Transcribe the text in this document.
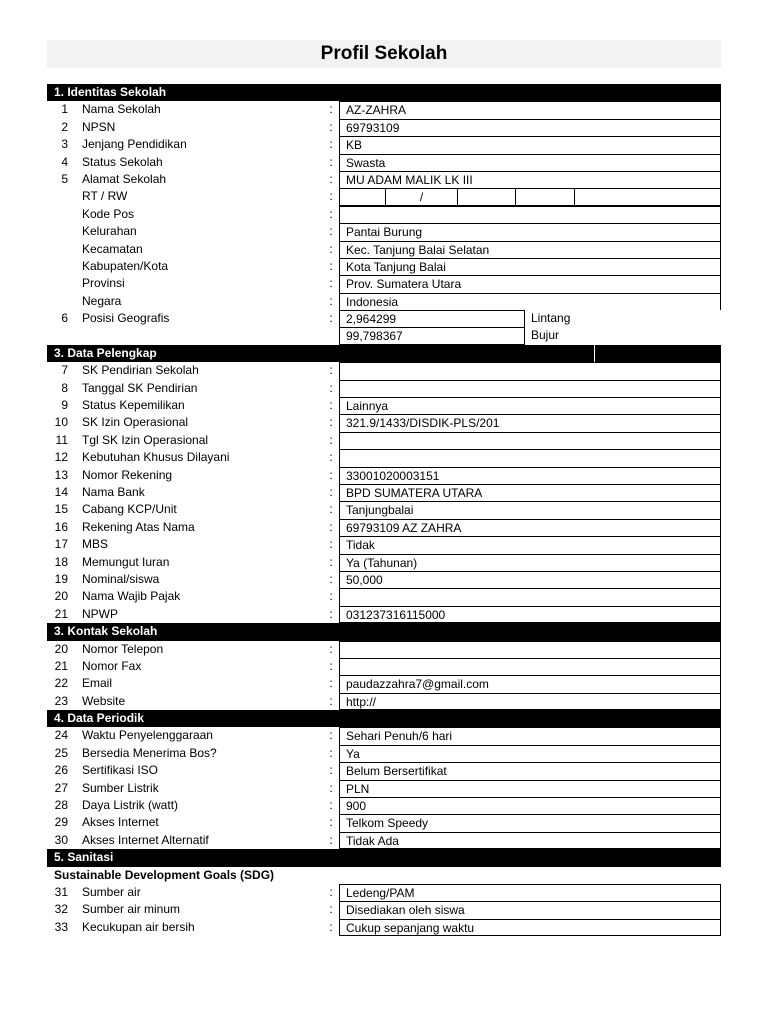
Profil Sekolah
1. Identitas Sekolah
1 Nama Sekolah	:	AZ-ZAHRA
2 NPSN	:	69793109
3 Jenjang Pendidikan	:	KB
4 Status Sekolah	:	Swasta
5 Alamat Sekolah	:	MU ADAM MALIK LK III
RT / RW	:	/
Kode Pos	:
Kelurahan	:	Pantai Burung
Kecamatan	:	Kec. Tanjung Balai Selatan
Kabupaten/Kota	:	Kota Tanjung Balai
Provinsi	:	Prov. Sumatera Utara
Negara	:	Indonesia
6 Posisi Geografis	:	2,964299	Lintang
99,798367	Bujur
3. Data Pelengkap
7 SK Pendirian Sekolah	:
8 Tanggal SK Pendirian	:
9 Status Kepemilikan	:	Lainnya
10 SK Izin Operasional	:	321.9/1433/DISDIK-PLS/201
11 Tgl SK Izin Operasional	:
12 Kebutuhan Khusus Dilayani	:
13 Nomor Rekening	:	33001020003151
14 Nama Bank	:	BPD SUMATERA UTARA
15 Cabang KCP/Unit	:	Tanjungbalai
16 Rekening Atas Nama	:	69793109 AZ ZAHRA
17 MBS	:	Tidak
18 Memungut Iuran	:	Ya (Tahunan)
19 Nominal/siswa	:	50,000
20 Nama Wajib Pajak	:
21 NPWP	:	031237316115000
3. Kontak Sekolah
20 Nomor Telepon	:
21 Nomor Fax	:
22 Email	:	paudazzahra7@gmail.com
23 Website	:	http://
4. Data Periodik
24 Waktu Penyelenggaraan	:	Sehari Penuh/6 hari
25 Bersedia Menerima Bos?	:	Ya
26 Sertifikasi ISO	:	Belum Bersertifikat
27 Sumber Listrik	:	PLN
28 Daya Listrik (watt)	:	900
29 Akses Internet	:	Telkom Speedy
30 Akses Internet Alternatif	:	Tidak Ada
5. Sanitasi
Sustainable Development Goals (SDG)
31 Sumber air	:	Ledeng/PAM
32 Sumber air minum	:	Disediakan oleh siswa
33 Kecukupan air bersih	:	Cukup sepanjang waktu
